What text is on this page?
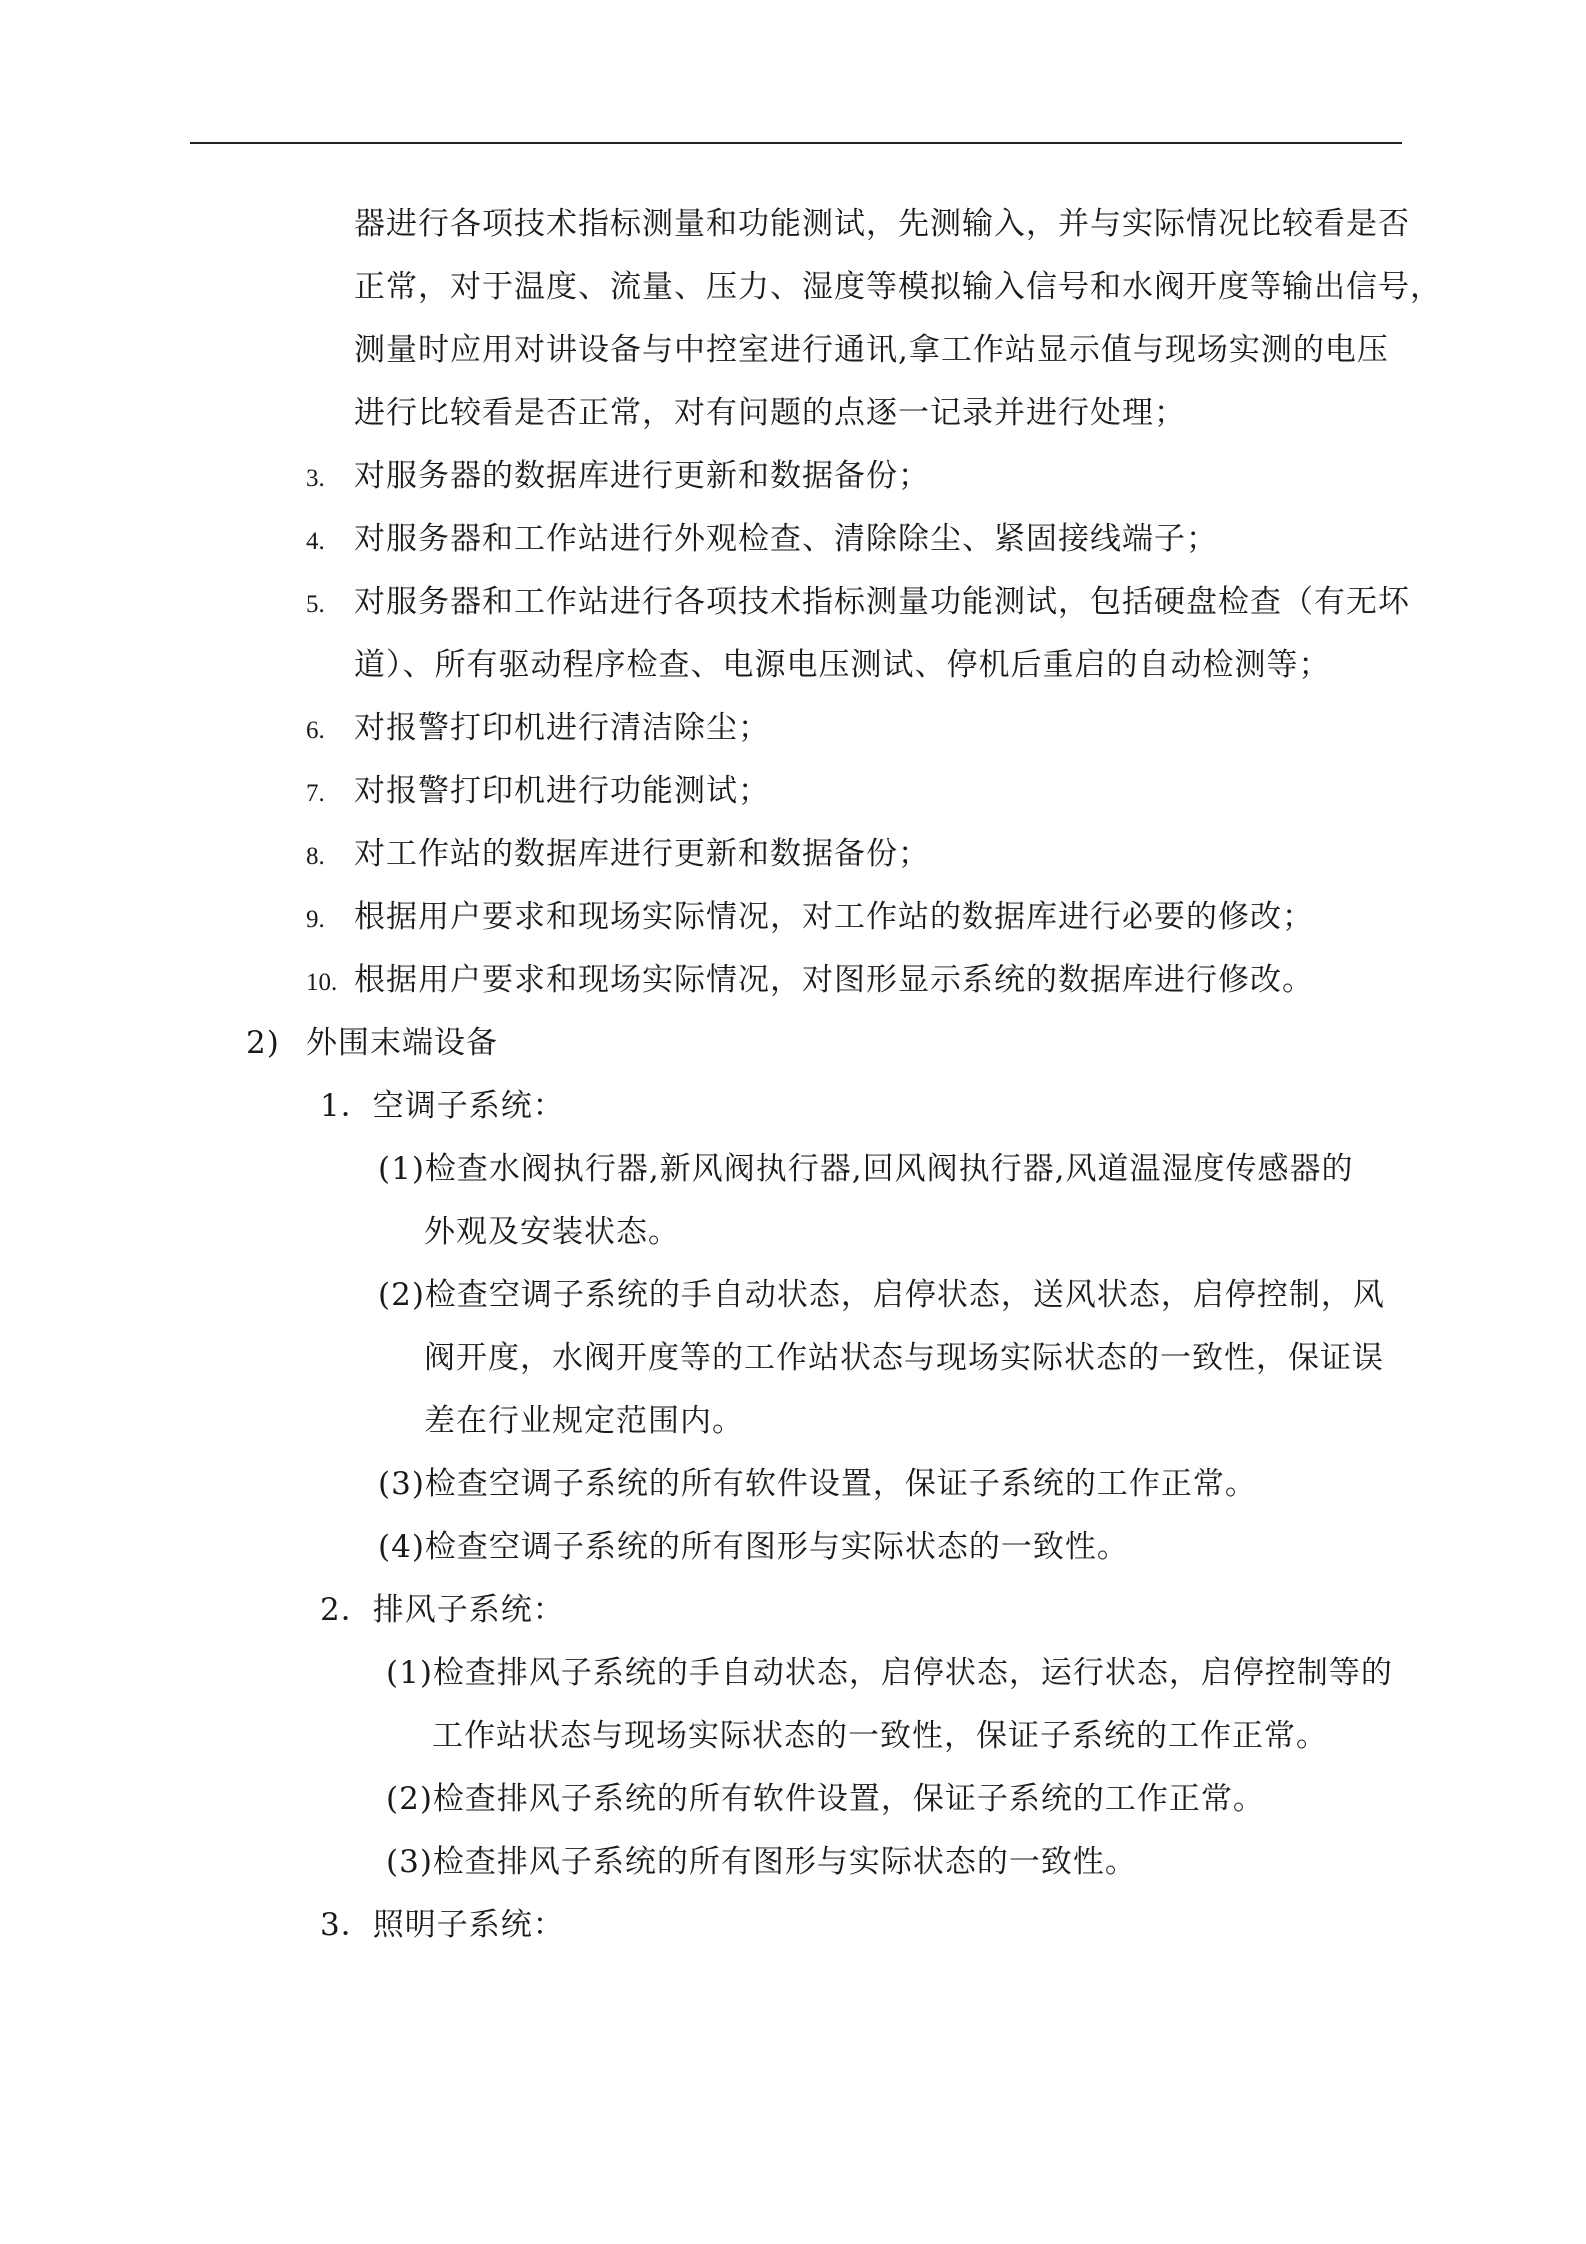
器进行各项技术指标测量和功能测试，先测输入，并与实际情况比较看是否
正常，对于温度、流量、压力、湿度等模拟输入信号和水阀开度等输出信号，
测量时应用对讲设备与中控室进行通讯,拿工作站显示值与现场实测的电压
进行比较看是否正常，对有问题的点逐一记录并进行处理；
3. 对服务器的数据库进行更新和数据备份；
4. 对服务器和工作站进行外观检查、清除除尘、紧固接线端子；
5. 对服务器和工作站进行各项技术指标测量功能测试，包括硬盘检查（有无坏
道）、所有驱动程序检查、电源电压测试、停机后重启的自动检测等；
6. 对报警打印机进行清洁除尘；
7. 对报警打印机进行功能测试；
8. 对工作站的数据库进行更新和数据备份；
9. 根据用户要求和现场实际情况，对工作站的数据库进行必要的修改；
10. 根据用户要求和现场实际情况，对图形显示系统的数据库进行修改。
2) 外围末端设备
1．空调子系统：
(1)检查水阀执行器,新风阀执行器,回风阀执行器,风道温湿度传感器的
外观及安装状态。
(2)检查空调子系统的手自动状态，启停状态，送风状态，启停控制，风
阀开度，水阀开度等的工作站状态与现场实际状态的一致性，保证误
差在行业规定范围内。
(3)检查空调子系统的所有软件设置，保证子系统的工作正常。
(4)检查空调子系统的所有图形与实际状态的一致性。
2．排风子系统：
(1)检查排风子系统的手自动状态，启停状态，运行状态，启停控制等的
工作站状态与现场实际状态的一致性，保证子系统的工作正常。
(2)检查排风子系统的所有软件设置，保证子系统的工作正常。
(3)检查排风子系统的所有图形与实际状态的一致性。
3．照明子系统：
